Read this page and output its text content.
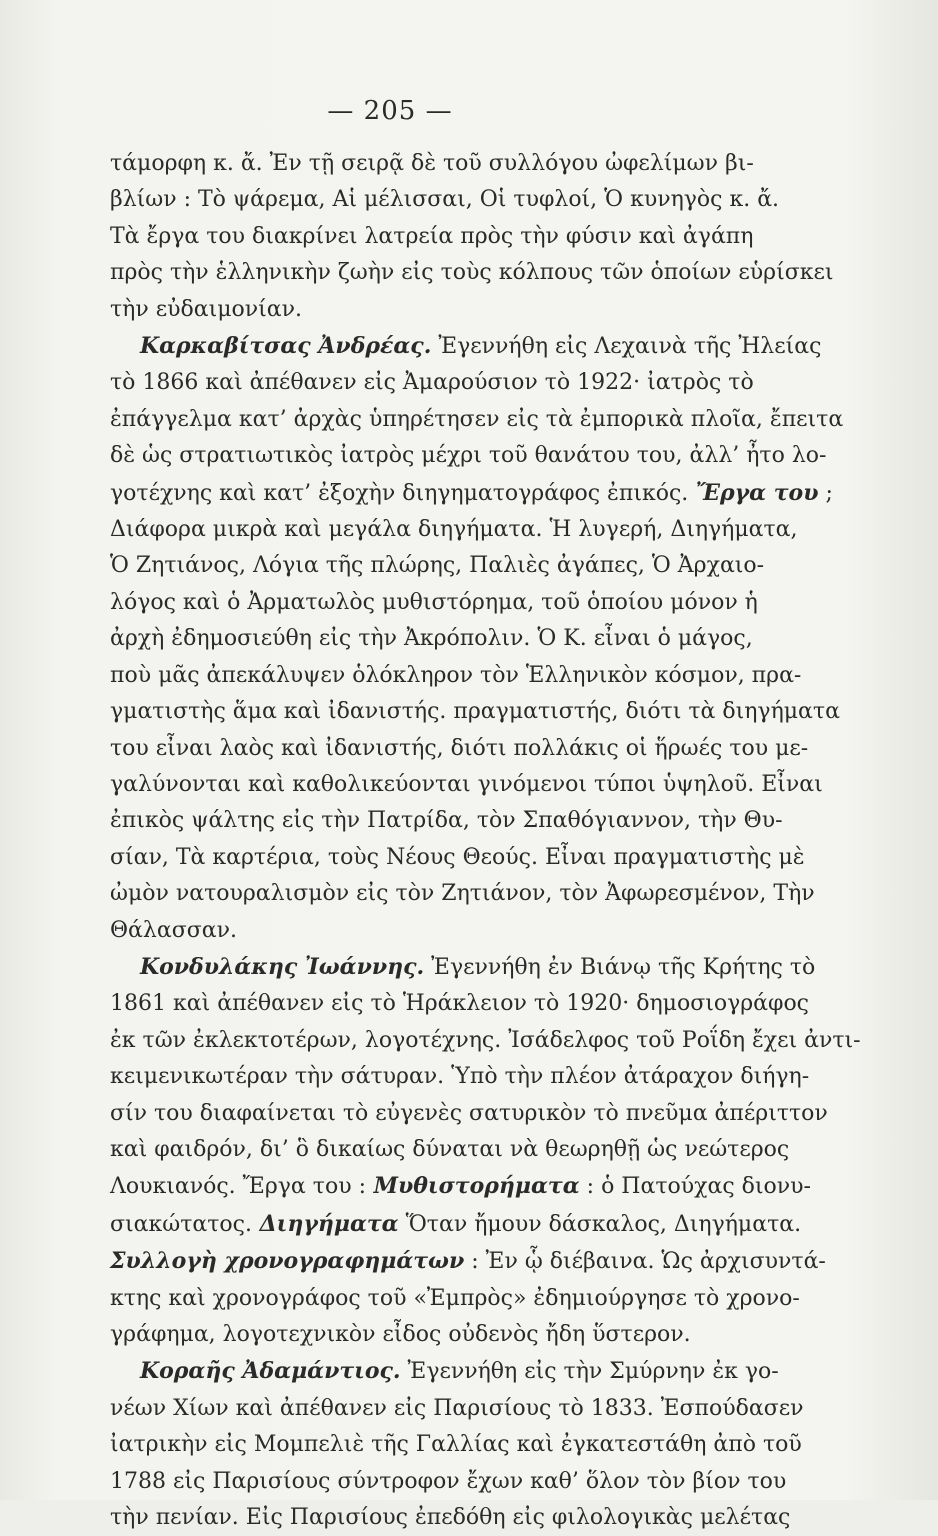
— 205 —
τάμορφη κ. ἄ. Ἐν τῇ σειρᾷ δὲ τοῦ συλλόγου ὠφελίμων βι-
βλίων : Τὸ ψάρεμα, Αἱ μέλισσαι, Οἱ τυφλοί, Ὁ κυνηγὸς κ. ἄ.
Τὰ ἔργα του διακρίνει λατρεία πρὸς τὴν φύσιν καὶ ἀγάπη
πρὸς τὴν ἑλληνικὴν ζωὴν εἰς τοὺς κόλπους τῶν ὁποίων εὑρίσκει
τὴν εὐδαιμονίαν.
Καρκαβίτσας Ἀνδρέας. Ἐγεννήθη εἰς Λεχαινὰ τῆς Ἠλείας
τὸ 1866 καὶ ἀπέθανεν εἰς Ἀμαρούσιον τὸ 1922· ἰατρὸς τὸ
ἐπάγγελμα κατ’ ἀρχὰς ὑπηρέτησεν εἰς τὰ ἐμπορικὰ πλοῖα, ἔπειτα
δὲ ὡς στρατιωτικὸς ἰατρὸς μέχρι τοῦ θανάτου του, ἀλλ’ ἦτο λο-
γοτέχνης καὶ κατ’ ἐξοχὴν διηγηματογράφος ἐπικός. Ἔργα του ;
Διάφορα μικρὰ καὶ μεγάλα διηγήματα. Ἡ λυγερή, Διηγήματα,
Ὁ Ζητιάνος, Λόγια τῆς πλώρης, Παλιὲς ἀγάπες, Ὁ Ἀρχαιο-
λόγος καὶ ὁ Ἀρματωλὸς μυθιστόρημα, τοῦ ὁποίου μόνον ἡ
ἀρχὴ ἐδημοσιεύθη εἰς τὴν Ἀκρόπολιν. Ὁ Κ. εἶναι ὁ μάγος,
ποὺ μᾶς ἀπεκάλυψεν ὁλόκληρον τὸν Ἑλληνικὸν κόσμον, πρα-
γματιστὴς ἅμα καὶ ἰδανιστής. πραγματιστής, διότι τὰ διηγήματα
του εἶναι λαὸς καὶ ἰδανιστής, διότι πολλάκις οἱ ἥρωές του με-
γαλύνονται καὶ καθολικεύονται γινόμενοι τύποι ὑψηλοῦ. Εἶναι
ἐπικὸς ψάλτης εἰς τὴν Πατρίδα, τὸν Σπαθόγιαννον, τὴν Θυ-
σίαν, Τὰ καρτέρια, τοὺς Νέους Θεούς. Εἶναι πραγματιστὴς μὲ
ὠμὸν νατουραλισμὸν εἰς τὸν Ζητιάνον, τὸν Ἀφωρεσμένον, Τὴν
Θάλασσαν.
Κονδυλάκης Ἰωάννης. Ἐγεννήθη ἐν Βιάνῳ τῆς Κρήτης τὸ
1861 καὶ ἀπέθανεν εἰς τὸ Ἡράκλειον τὸ 1920· δημοσιογράφος
ἐκ τῶν ἐκλεκτοτέρων, λογοτέχνης. Ἰσάδελφος τοῦ Ροΐδη ἔχει ἀντι-
κειμενικωτέραν τὴν σάτυραν. Ὑπὸ τὴν πλέον ἀτάραχον διήγη-
σίν του διαφαίνεται τὸ εὐγενὲς σατυρικὸν τὸ πνεῦμα ἀπέριττον
καὶ φαιδρόν, δι’ ὃ δικαίως δύναται νὰ θεωρηθῇ ὡς νεώτερος
Λουκιανός. Ἔργα του : Μυθιστορήματα : ὁ Πατούχας διονυ-
σιακώτατος. Διηγήματα Ὅταν ἤμουν δάσκαλος, Διηγήματα.
Συλλογὴ χρονογραφημάτων : Ἐν ᾧ διέβαινα. Ὡς ἀρχισυντά-
κτης καὶ χρονογράφος τοῦ «Ἐμπρὸς» ἐδημιούργησε τὸ χρονο-
γράφημα, λογοτεχνικὸν εἶδος οὐδενὸς ἤδη ὕστερον.
Κοραῆς Ἀδαμάντιος. Ἐγεννήθη εἰς τὴν Σμύρνην ἐκ γο-
νέων Χίων καὶ ἀπέθανεν εἰς Παρισίους τὸ 1833. Ἐσπούδασεν
ἰατρικὴν εἰς Μομπελιὲ τῆς Γαλλίας καὶ ἐγκατεστάθη ἀπὸ τοῦ
1788 εἰς Παρισίους σύντροφον ἔχων καθ’ ὅλον τὸν βίον του
τὴν πενίαν. Εἰς Παρισίους ἐπεδόθη εἰς φιλολογικὰς μελέτας
